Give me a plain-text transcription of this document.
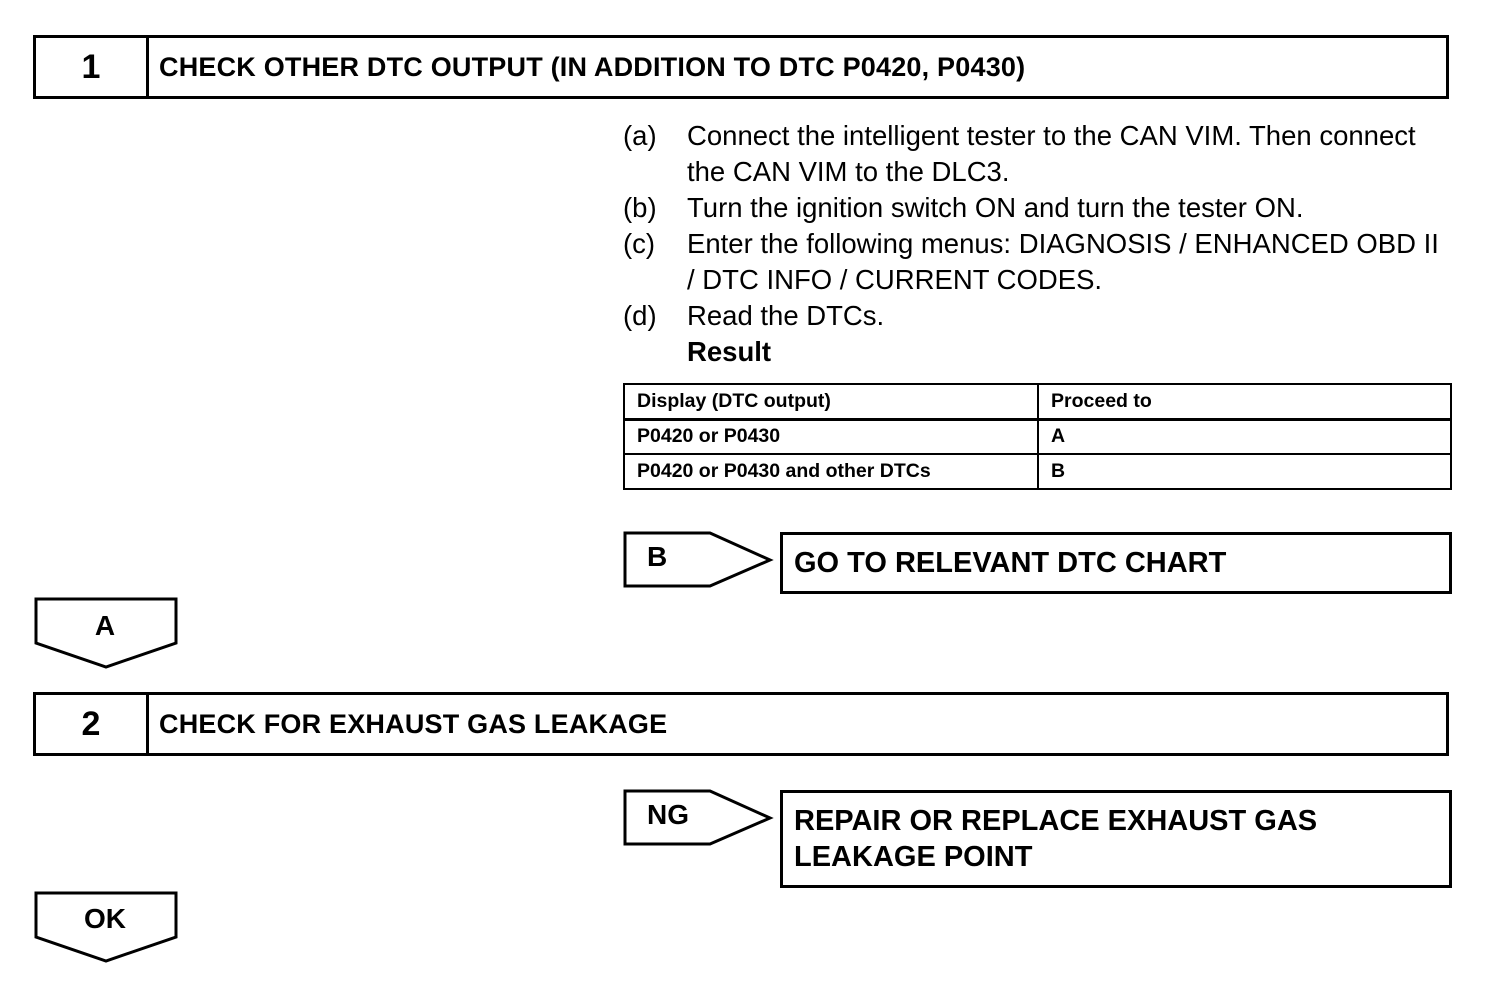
1	CHECK OTHER DTC OUTPUT (IN ADDITION TO DTC P0420, P0430)
(a)	Connect the intelligent tester to the CAN VIM. Then connect the CAN VIM to the DLC3.
(b)	Turn the ignition switch ON and turn the tester ON.
(c)	Enter the following menus: DIAGNOSIS / ENHANCED OBD II / DTC INFO / CURRENT CODES.
(d)	Read the DTCs.
Result
Display (DTC output)	Proceed to
P0420 or P0430	A
P0420 or P0430 and other DTCs	B
B	GO TO RELEVANT DTC CHART
A
2	CHECK FOR EXHAUST GAS LEAKAGE
NG	REPAIR OR REPLACE EXHAUST GAS LEAKAGE POINT
OK
